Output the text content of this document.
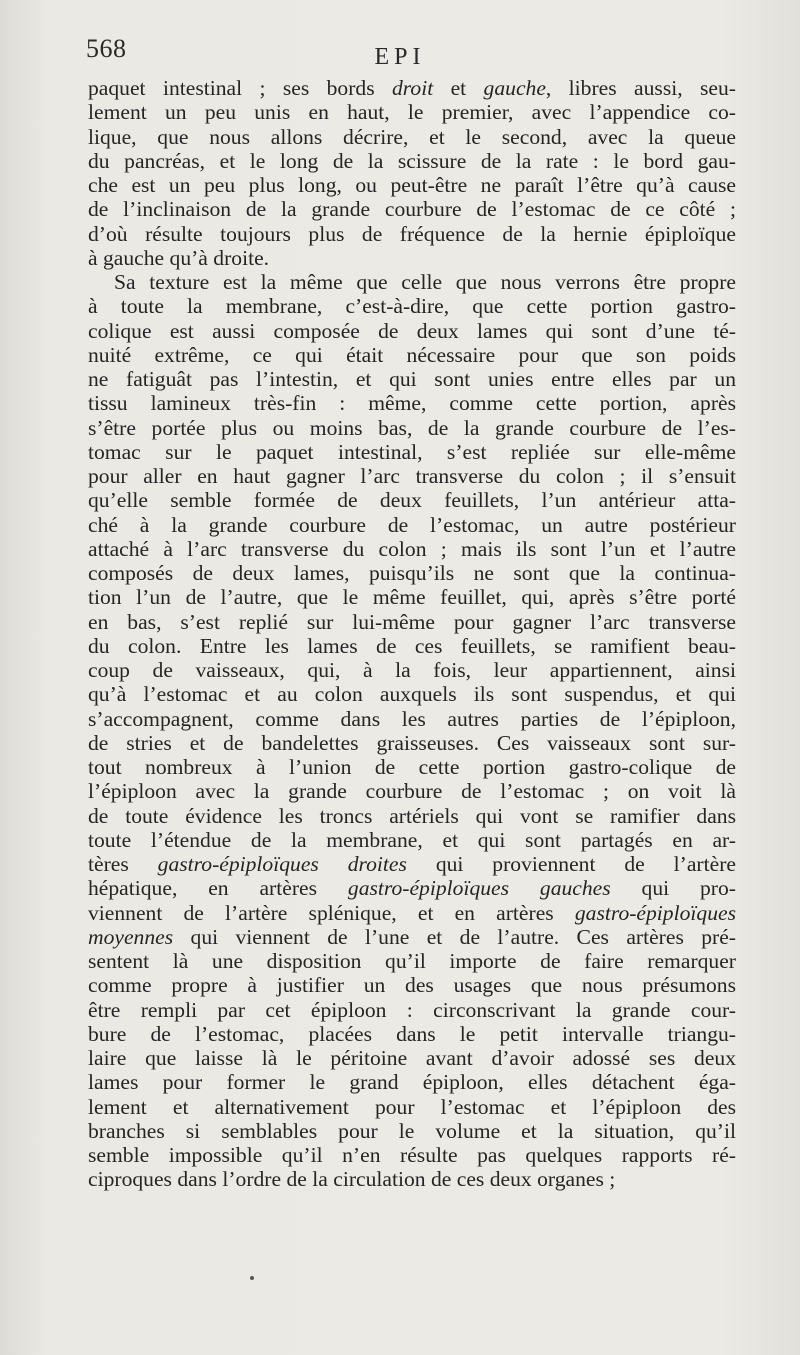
568	EPI
paquet intestinal ; ses bords droit et gauche, libres aussi, seu-
lement un peu unis en haut, le premier, avec l’appendice co-
lique, que nous allons décrire, et le second, avec la queue
du pancréas, et le long de la scissure de la rate : le bord gau-
che est un peu plus long, ou peut-être ne paraît l’être qu’à cause
de l’inclinaison de la grande courbure de l’estomac de ce côté ;
d’où résulte toujours plus de fréquence de la hernie épiploïque
à gauche qu’à droite.
Sa texture est la même que celle que nous verrons être propre
à toute la membrane, c’est-à-dire, que cette portion gastro-
colique est aussi composée de deux lames qui sont d’une té-
nuité extrême, ce qui était nécessaire pour que son poids
ne fatiguât pas l’intestin, et qui sont unies entre elles par un
tissu lamineux très-fin : même, comme cette portion, après
s’être portée plus ou moins bas, de la grande courbure de l’es-
tomac sur le paquet intestinal, s’est repliée sur elle-même
pour aller en haut gagner l’arc transverse du colon ; il s’ensuit
qu’elle semble formée de deux feuillets, l’un antérieur atta-
ché à la grande courbure de l’estomac, un autre postérieur
attaché à l’arc transverse du colon ; mais ils sont l’un et l’autre
composés de deux lames, puisqu’ils ne sont que la continua-
tion l’un de l’autre, que le même feuillet, qui, après s’être porté
en bas, s’est replié sur lui-même pour gagner l’arc transverse
du colon. Entre les lames de ces feuillets, se ramifient beau-
coup de vaisseaux, qui, à la fois, leur appartiennent, ainsi
qu’à l’estomac et au colon auxquels ils sont suspendus, et qui
s’accompagnent, comme dans les autres parties de l’épiploon,
de stries et de bandelettes graisseuses. Ces vaisseaux sont sur-
tout nombreux à l’union de cette portion gastro-colique de
l’épiploon avec la grande courbure de l’estomac ; on voit là
de toute évidence les troncs artériels qui vont se ramifier dans
toute l’étendue de la membrane, et qui sont partagés en ar-
tères gastro-épiploïques droites qui proviennent de l’artère
hépatique, en artères gastro-épiploïques gauches qui pro-
viennent de l’artère splénique, et en artères gastro-épiploïques
moyennes qui viennent de l’une et de l’autre. Ces artères pré-
sentent là une disposition qu’il importe de faire remarquer
comme propre à justifier un des usages que nous présumons
être rempli par cet épiploon : circonscrivant la grande cour-
bure de l’estomac, placées dans le petit intervalle triangu-
laire que laisse là le péritoine avant d’avoir adossé ses deux
lames pour former le grand épiploon, elles détachent éga-
lement et alternativement pour l’estomac et l’épiploon des
branches si semblables pour le volume et la situation, qu’il
semble impossible qu’il n’en résulte pas quelques rapports ré-
ciproques dans l’ordre de la circulation de ces deux organes ;
